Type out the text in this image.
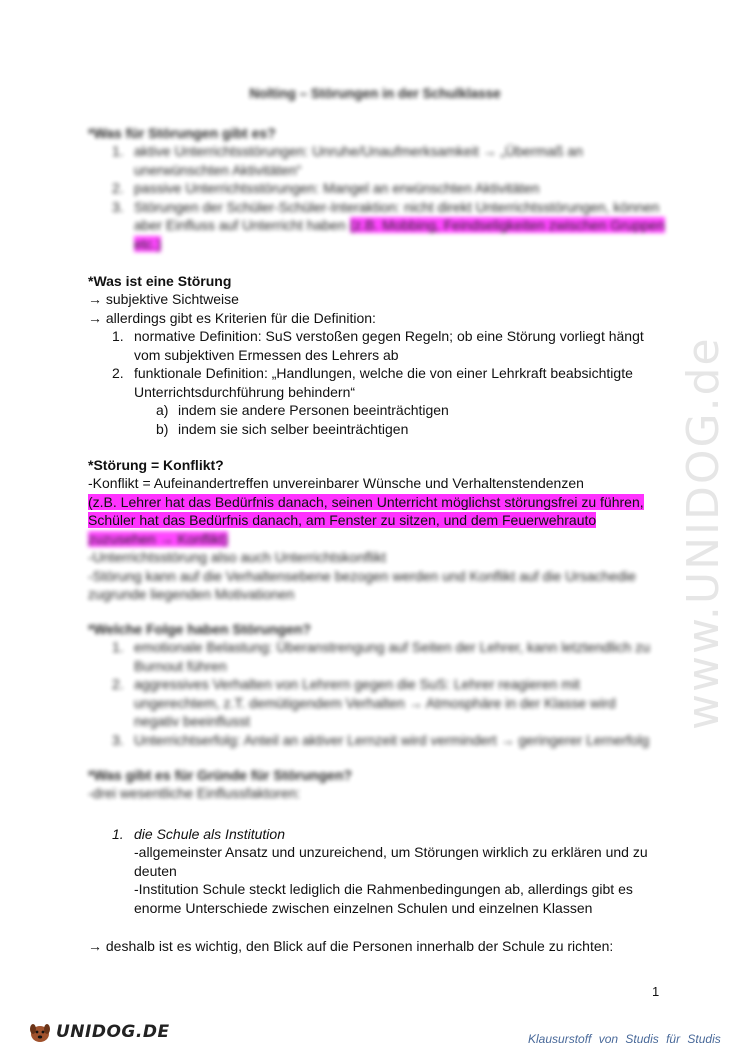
www.UNIDOG.de
Nolting – Störungen in der Schulklasse
*Was für Störungen gibt es?
1. aktive Unterrichtsstörungen: Unruhe/Unaufmerksamkeit → „Übermaß an
unerwünschten Aktivitäten“
2. passive Unterrichtsstörungen: Mangel an erwünschten Aktivitäten
3. Störungen der Schüler-Schüler-Interaktion: nicht direkt Unterrichtsstörungen, können
aber Einfluss auf Unterricht haben (z.B. Mobbing, Feindseligkeiten zwischen Gruppen
etc.)
*Was ist eine Störung
→ subjektive Sichtweise
→ allerdings gibt es Kriterien für die Definition:
1. normative Definition: SuS verstoßen gegen Regeln; ob eine Störung vorliegt hängt
vom subjektiven Ermessen des Lehrers ab
2. funktionale Definition: „Handlungen, welche die von einer Lehrkraft beabsichtigte
Unterrichtsdurchführung behindern“
a) indem sie andere Personen beeinträchtigen
b) indem sie sich selber beeinträchtigen
*Störung = Konflikt?
-Konflikt = Aufeinandertreffen unvereinbarer Wünsche und Verhaltenstendenzen
(z.B. Lehrer hat das Bedürfnis danach, seinen Unterricht möglichst störungsfrei zu führen,
Schüler hat das Bedürfnis danach, am Fenster zu sitzen, und dem Feuerwehrauto
zuzusehen → Konflikt)
-Unterrichtsstörung also auch Unterrichtskonflikt
-Störung kann auf die Verhaltensebene bezogen werden und Konflikt auf die Ursachedie
zugrunde liegenden Motivationen
*Welche Folge haben Störungen?
1. emotionale Belastung: Überanstrengung auf Seiten der Lehrer, kann letztendlich zu
Burnout führen
2. aggressives Verhalten von Lehrern gegen die SuS: Lehrer reagieren mit
ungerechtem, z.T. demütigendem Verhalten → Atmosphäre in der Klasse wird
negativ beeinflusst
3. Unterrichtserfolg: Anteil an aktiver Lernzeit wird vermindert → geringerer Lernerfolg
*Was gibt es für Gründe für Störungen?
-drei wesentliche Einflussfaktoren:
1. die Schule als Institution
-allgemeinster Ansatz und unzureichend, um Störungen wirklich zu erklären und zu
deuten
-Institution Schule steckt lediglich die Rahmenbedingungen ab, allerdings gibt es
enorme Unterschiede zwischen einzelnen Schulen und einzelnen Klassen
→ deshalb ist es wichtig, den Blick auf die Personen innerhalb der Schule zu richten:
1
UNIDOG.DE	Klausurstoff von Studis für Studis
